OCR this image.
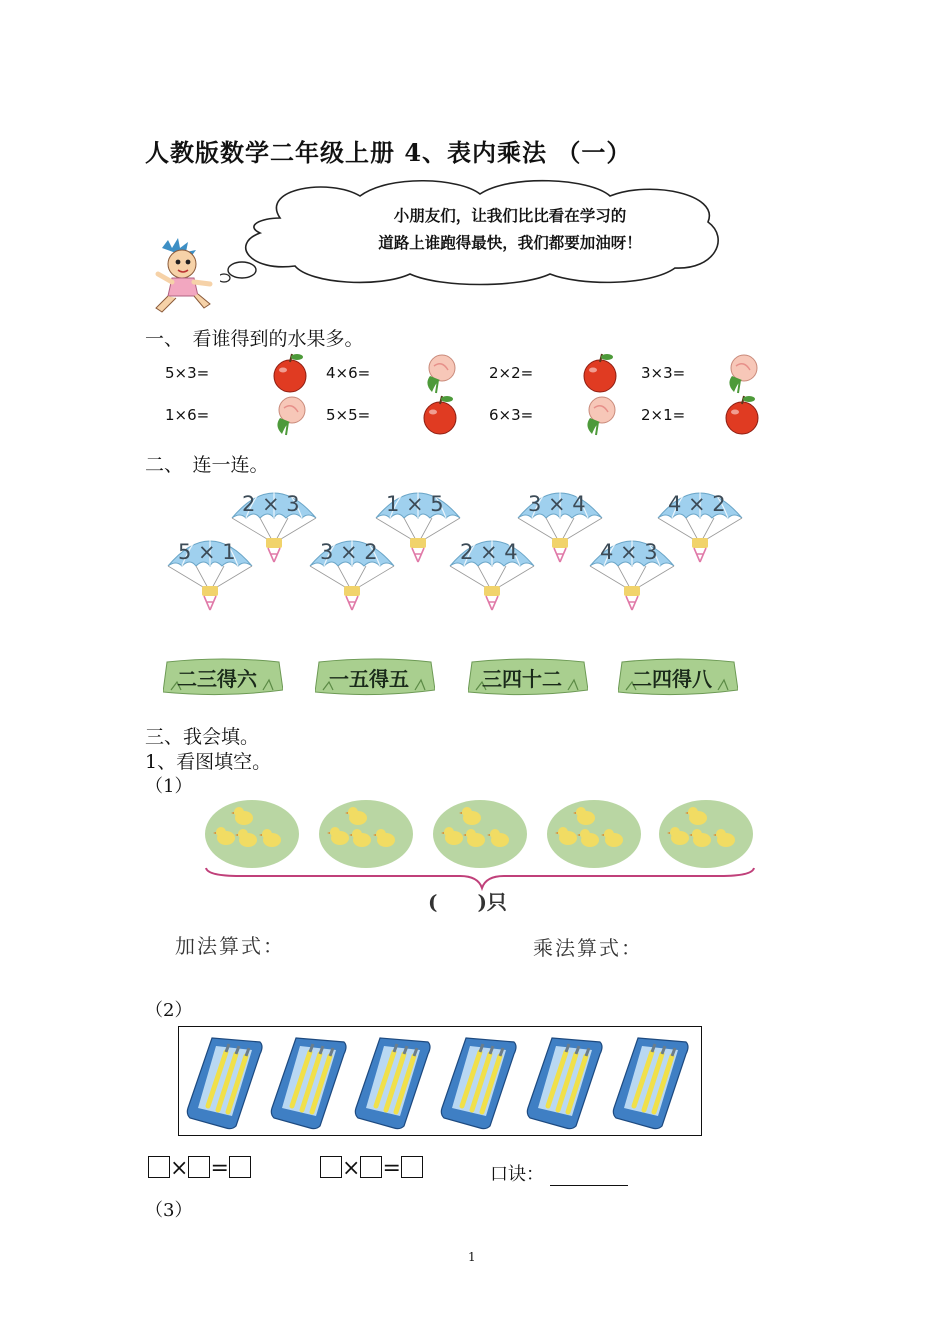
人教版数学二年级上册 4、表内乘法 （一）
小朋友们，让我们比比看在学习的
道路上谁跑得最快，我们都要加油呀！
一、　看谁得到的水果多。
5×3=	4×6=	2×2=	3×3=
1×6=	5×5=	6×3=	2×1=
二、　连一连。
2 × 3	1 × 5	3 × 4	4 × 2
5 × 1	3 × 2	2 × 4	4 × 3
二三得六	一五得五	三四十二	二四得八
三、我会填。
1、看图填空。
（1）
(　　)只
加法算式：	乘法算式：
（2）
× =	× =	口诀：
（3）
1
